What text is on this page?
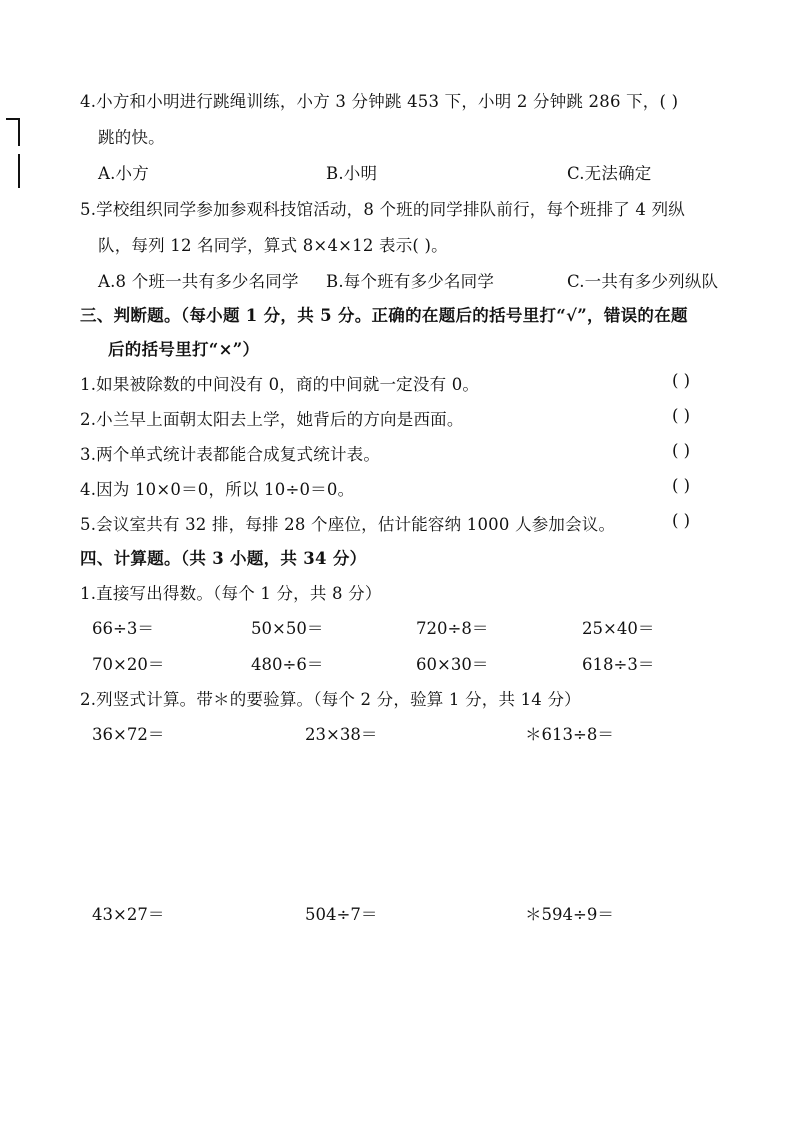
4.小方和小明进行跳绳训练，小方 3 分钟跳 453 下，小明 2 分钟跳 286 下，( )
跳的快。
A.小方	B.小明	C.无法确定
5.学校组织同学参加参观科技馆活动，8 个班的同学排队前行，每个班排了 4 列纵
队，每列 12 名同学，算式 8×4×12 表示( )。
A.8 个班一共有多少名同学 B.每个班有多少名同学	C.一共有多少列纵队
三、判断题。（每小题 1 分，共 5 分。正确的在题后的括号里打“√”，错误的在题
后的括号里打“×”）
1.如果被除数的中间没有 0，商的中间就一定没有 0。	( )
2.小兰早上面朝太阳去上学，她背后的方向是西面。	( )
3.两个单式统计表都能合成复式统计表。	( )
4.因为 10×0＝0，所以 10÷0＝0。	( )
5.会议室共有 32 排，每排 28 个座位，估计能容纳 1000 人参加会议。	( )
四、计算题。（共 3 小题，共 34 分）
1.直接写出得数。（每个 1 分，共 8 分）
66÷3＝	50×50＝	720÷8＝	25×40＝
70×20＝	480÷6＝	60×30＝	618÷3＝
2.列竖式计算。带＊的要验算。（每个 2 分，验算 1 分，共 14 分）
36×72＝	23×38＝	＊613÷8＝
43×27＝	504÷7＝	＊594÷9＝
